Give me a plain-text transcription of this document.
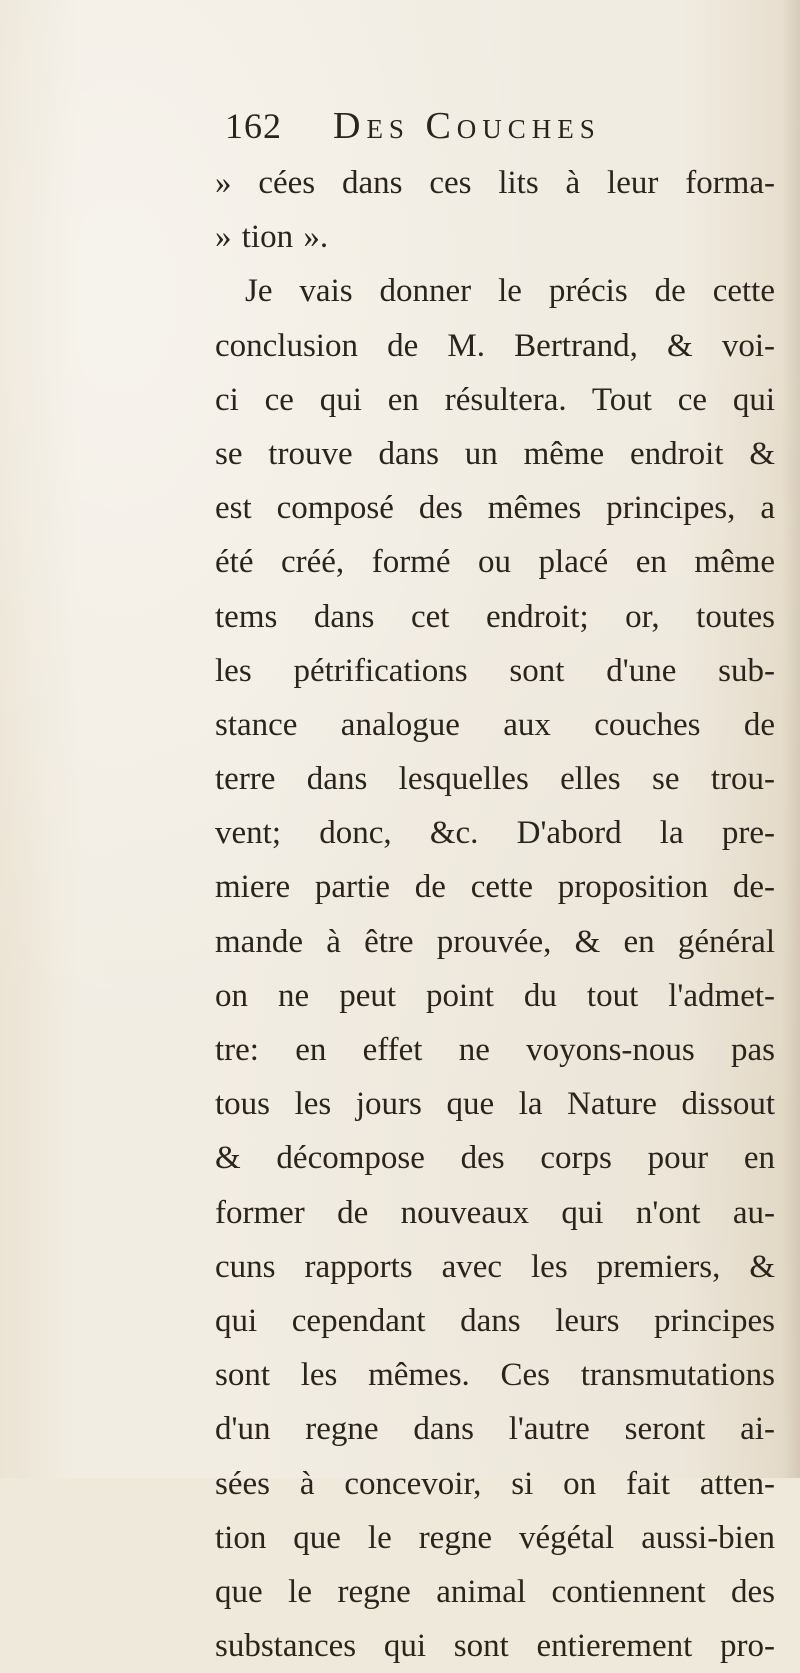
162 Des Couches
» cées dans ces lits à leur forma-
» tion ».
Je vais donner le précis de cette
conclusion de M. Bertrand, & voi-
ci ce qui en résultera. Tout ce qui
se trouve dans un même endroit &
est composé des mêmes principes, a
été créé, formé ou placé en même
tems dans cet endroit; or, toutes
les pétrifications sont d'une sub-
stance analogue aux couches de
terre dans lesquelles elles se trou-
vent; donc, &c. D'abord la pre-
miere partie de cette proposition de-
mande à être prouvée, & en général
on ne peut point du tout l'admet-
tre: en effet ne voyons-nous pas
tous les jours que la Nature dissout
& décompose des corps pour en
former de nouveaux qui n'ont au-
cuns rapports avec les premiers, &
qui cependant dans leurs principes
sont les mêmes. Ces transmutations
d'un regne dans l'autre seront ai-
sées à concevoir, si on fait atten-
tion que le regne végétal aussi-bien
que le regne animal contiennent des
substances qui sont entierement pro-
